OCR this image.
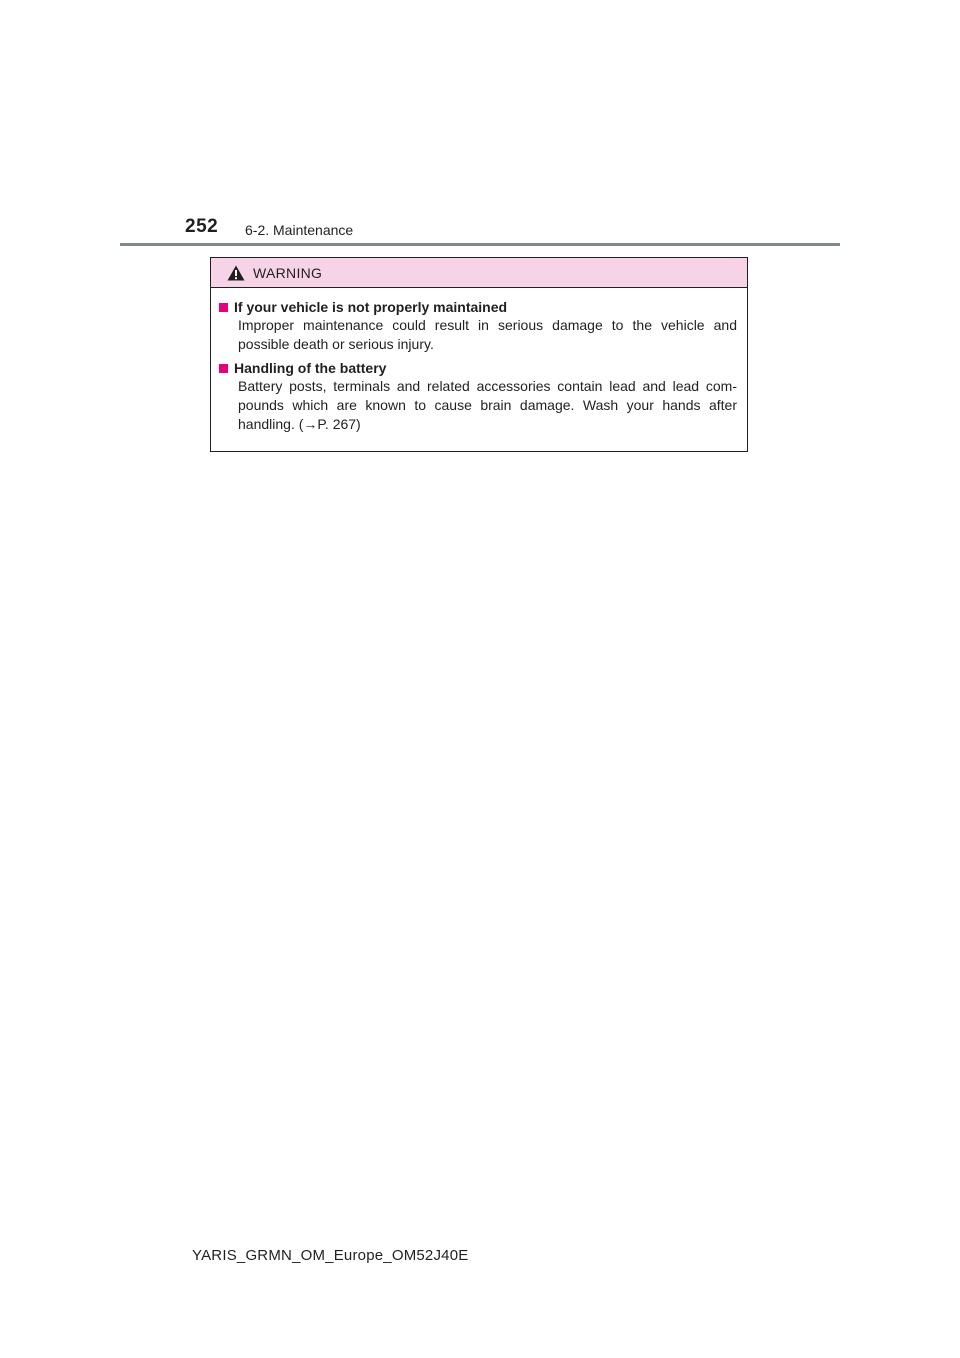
252 6-2. Maintenance
WARNING
If your vehicle is not properly maintained
Improper maintenance could result in serious damage to the vehicle and possible death or serious injury.
Handling of the battery
Battery posts, terminals and related accessories contain lead and lead com-pounds which are known to cause brain damage. Wash your hands after handling. (→P. 267)
YARIS_GRMN_OM_Europe_OM52J40E
